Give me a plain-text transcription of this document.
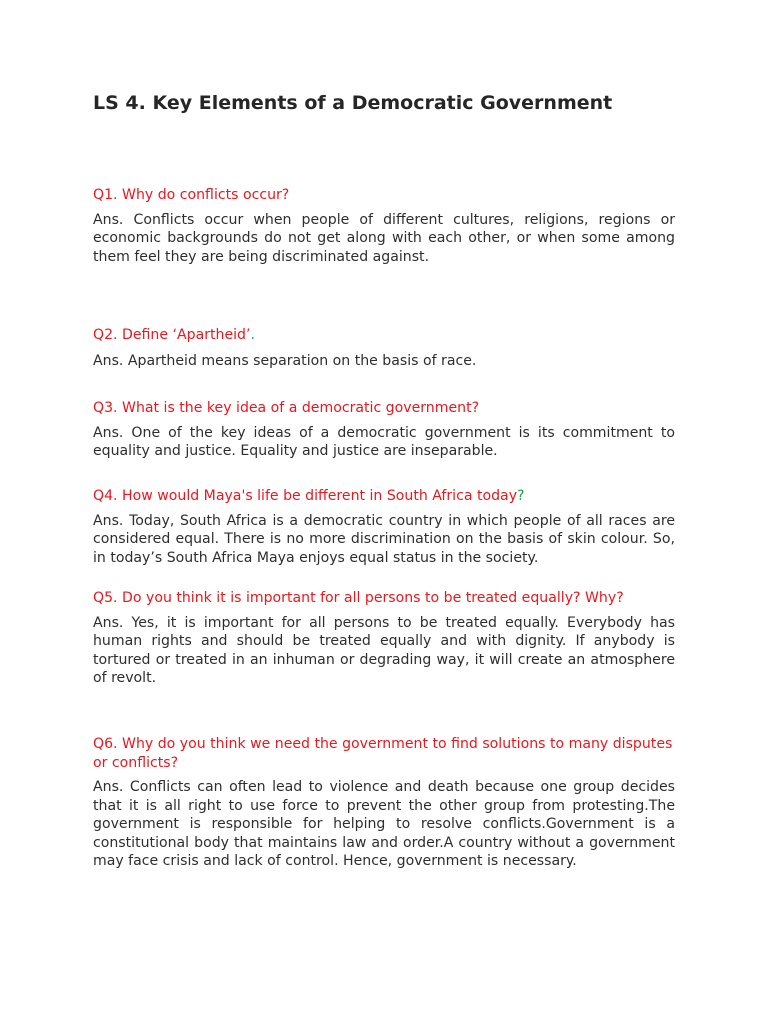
LS 4. Key Elements of a Democratic Government

Q1. Why do conflicts occur?

Ans. Conflicts occur when people of different cultures, religions, regions or economic backgrounds do not get along with each other, or when some among them feel they are being discriminated against.

Q2. Define ‘Apartheid’.

Ans. Apartheid means separation on the basis of race.

Q3. What is the key idea of a democratic government?

Ans. One of the key ideas of a democratic government is its commitment to equality and justice. Equality and justice are inseparable.

Q4. How would Maya's life be different in South Africa today?

Ans. Today, South Africa is a democratic country in which people of all races are considered equal. There is no more discrimination on the basis of skin colour. So, in today’s South Africa Maya enjoys equal status in the society.

Q5. Do you think it is important for all persons to be treated equally? Why?

Ans. Yes, it is important for all persons to be treated equally. Everybody has human rights and should be treated equally and with dignity. If anybody is tortured or treated in an inhuman or degrading way, it will create an atmosphere of revolt.

Q6. Why do you think we need the government to find solutions to many disputes or conflicts?

Ans. Conflicts can often lead to violence and death because one group decides that it is all right to use force to prevent the other group from protesting.The government is responsible for helping to resolve conflicts.Government is a constitutional body that maintains law and order.A country without a government may face crisis and lack of control. Hence, government is necessary.
